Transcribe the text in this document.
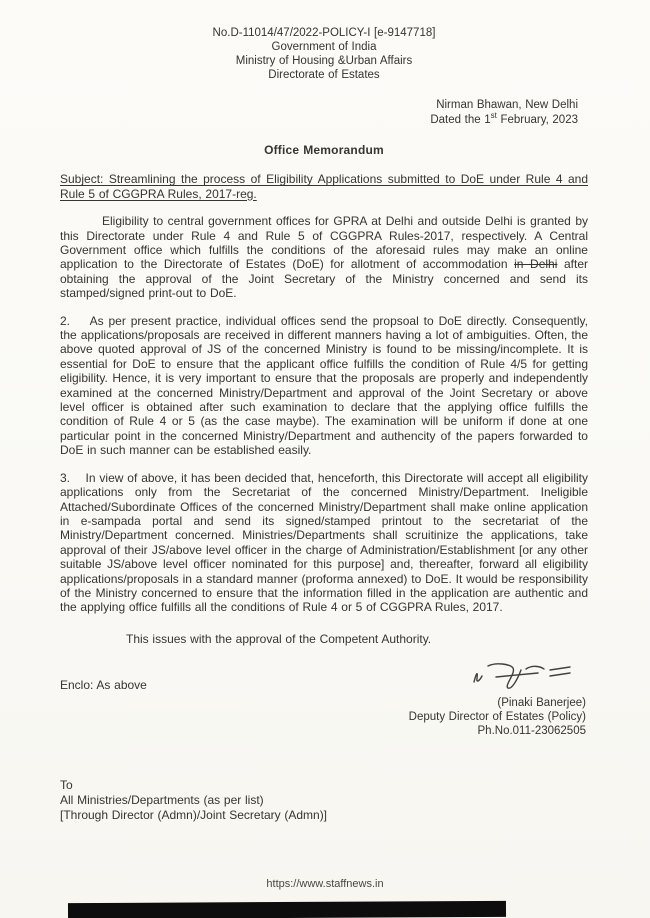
No.D-11014/47/2022-POLICY-I [e-9147718]
Government of India
Ministry of Housing &Urban Affairs
Directorate of Estates
Nirman Bhawan, New Delhi
Dated the 1st February, 2023
Office Memorandum
Subject: Streamlining the process of Eligibility Applications submitted to DoE under Rule 4 and Rule 5 of CGGPRA Rules, 2017-reg.

Eligibility to central government offices for GPRA at Delhi and outside Delhi is granted by this Directorate under Rule 4 and Rule 5 of CGGPRA Rules-2017, respectively. A Central Government office which fulfills the conditions of the aforesaid rules may make an online application to the Directorate of Estates (DoE) for allotment of accommodation in Delhi after obtaining the approval of the Joint Secretary of the Ministry concerned and send its stamped/signed print-out to DoE.

2.    As per present practice, individual offices send the propsoal to DoE directly. Consequently, the applications/proposals are received in different manners having a lot of ambiguities. Often, the above quoted approval of JS of the concerned Ministry is found to be missing/incomplete. It is essential for DoE to ensure that the applicant office fulfills the condition of Rule 4/5 for getting eligibility. Hence, it is very important to ensure that the proposals are properly and independently examined at the concerned Ministry/Department and approval of the Joint Secretary or above level officer is obtained after such examination to declare that the applying office fulfills the condition of Rule 4 or 5 (as the case maybe). The examination will be uniform if done at one particular point in the concerned Ministry/Department and authencity of the papers forwarded to DoE in such manner can be established easily.

3.    In view of above, it has been decided that, henceforth, this Directorate will accept all eligibility applications only from the Secretariat of the concerned Ministry/Department. Ineligible Attached/Subordinate Offices of the concerned Ministry/Department shall make online application in e-sampada portal and send its signed/stamped printout to the secretariat of the Ministry/Department concerned. Ministries/Departments shall scruitinize the applications, take approval of their JS/above level officer in the charge of Administration/Establishment [or any other suitable JS/above level officer nominated for this purpose] and, thereafter, forward all eligibility applications/proposals in a standard manner (proforma annexed) to DoE. It would be responsibility of the Ministry concerned to ensure that the information filled in the application are authentic and the applying office fulfills all the conditions of Rule 4 or 5 of CGGPRA Rules, 2017.

This issues with the approval of the Competent Authority.

Enclo: As above
(Pinaki Banerjee)
Deputy Director of Estates (Policy)
Ph.No.011-23062505
To
All Ministries/Departments (as per list)
[Through Director (Admn)/Joint Secretary (Admn)]
https://www.staffnews.in
